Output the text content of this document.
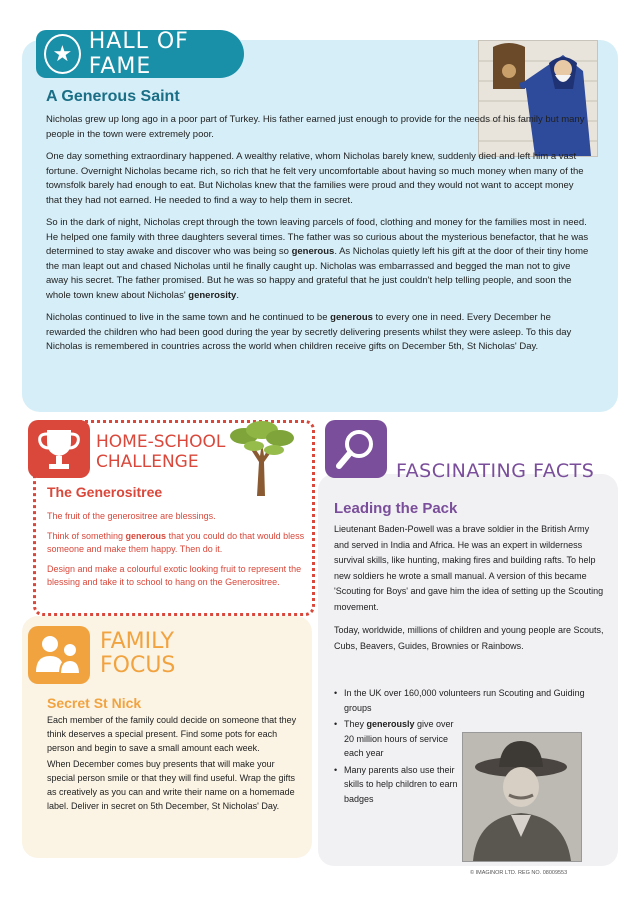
★ HALL OF FAME
A Generous Saint

Nicholas grew up long ago in a poor part of Turkey. His father earned just enough to provide for the needs of his family but many people in the town were extremely poor.

One day something extraordinary happened. A wealthy relative, whom Nicholas barely knew, suddenly died and left him a vast fortune. Overnight Nicholas became rich, so rich that he felt very uncomfortable about having so much money when many of the townsfolk barely had enough to eat. But Nicholas knew that the families were proud and they would not want to accept money that they had not earned. He needed to find a way to help them in secret.

So in the dark of night, Nicholas crept through the town leaving parcels of food, clothing and money for the families most in need. He helped one family with three daughters several times. The father was so curious about the mysterious benefactor, that he was determined to stay awake and discover who was being so generous. As Nicholas quietly left his gift at the door of their tiny home the man leapt out and chased Nicholas until he finally caught up. Nicholas was embarrassed and begged the man not to give away his secret. The father promised. But he was so happy and grateful that he just couldn't help telling people, and soon the whole town knew about Nicholas' generosity.

Nicholas continued to live in the same town and he continued to be generous to every one in need. Every December he rewarded the children who had been good during the year by secretly delivering presents whilst they were asleep. To this day Nicholas is remembered in countries across the world when children receive gifts on December 5th, St Nicholas' Day.

HOME-SCHOOL
CHALLENGE
The Generositree

The fruit of the generositree are blessings.

Think of something generous that you could do that would bless someone and make them happy. Then do it.

Design and make a colourful exotic looking fruit to represent the blessing and take it to school to hang on the Generositree.

FAMILY
FOCUS
Secret St Nick

Each member of the family could decide on someone that they think deserves a special present. Find some pots for each person and begin to save a small amount each week.

When December comes buy presents that will make your special person smile or that they will find useful. Wrap the gifts as creatively as you can and write their name on a homemade label. Deliver in secret on 5th December, St Nicholas' Day.

FASCINATING FACTS
Leading the Pack

Lieutenant Baden-Powell was a brave soldier in the British Army and served in India and Africa. He was an expert in wilderness survival skills, like hunting, making fires and building rafts. To help new soldiers he wrote a small manual. A version of this became 'Scouting for Boys' and gave him the idea of setting up the Scouting movement.

Today, worldwide, millions of children and young people are Scouts, Cubs, Beavers, Guides, Brownies or Rainbows.

• In the UK over 160,000 volunteers run Scouting and Guiding groups
• They generously give over 20 million hours of service each year
• Many parents also use their skills to help children to earn badges
© IMAGINOR LTD. REG NO. 08009553
